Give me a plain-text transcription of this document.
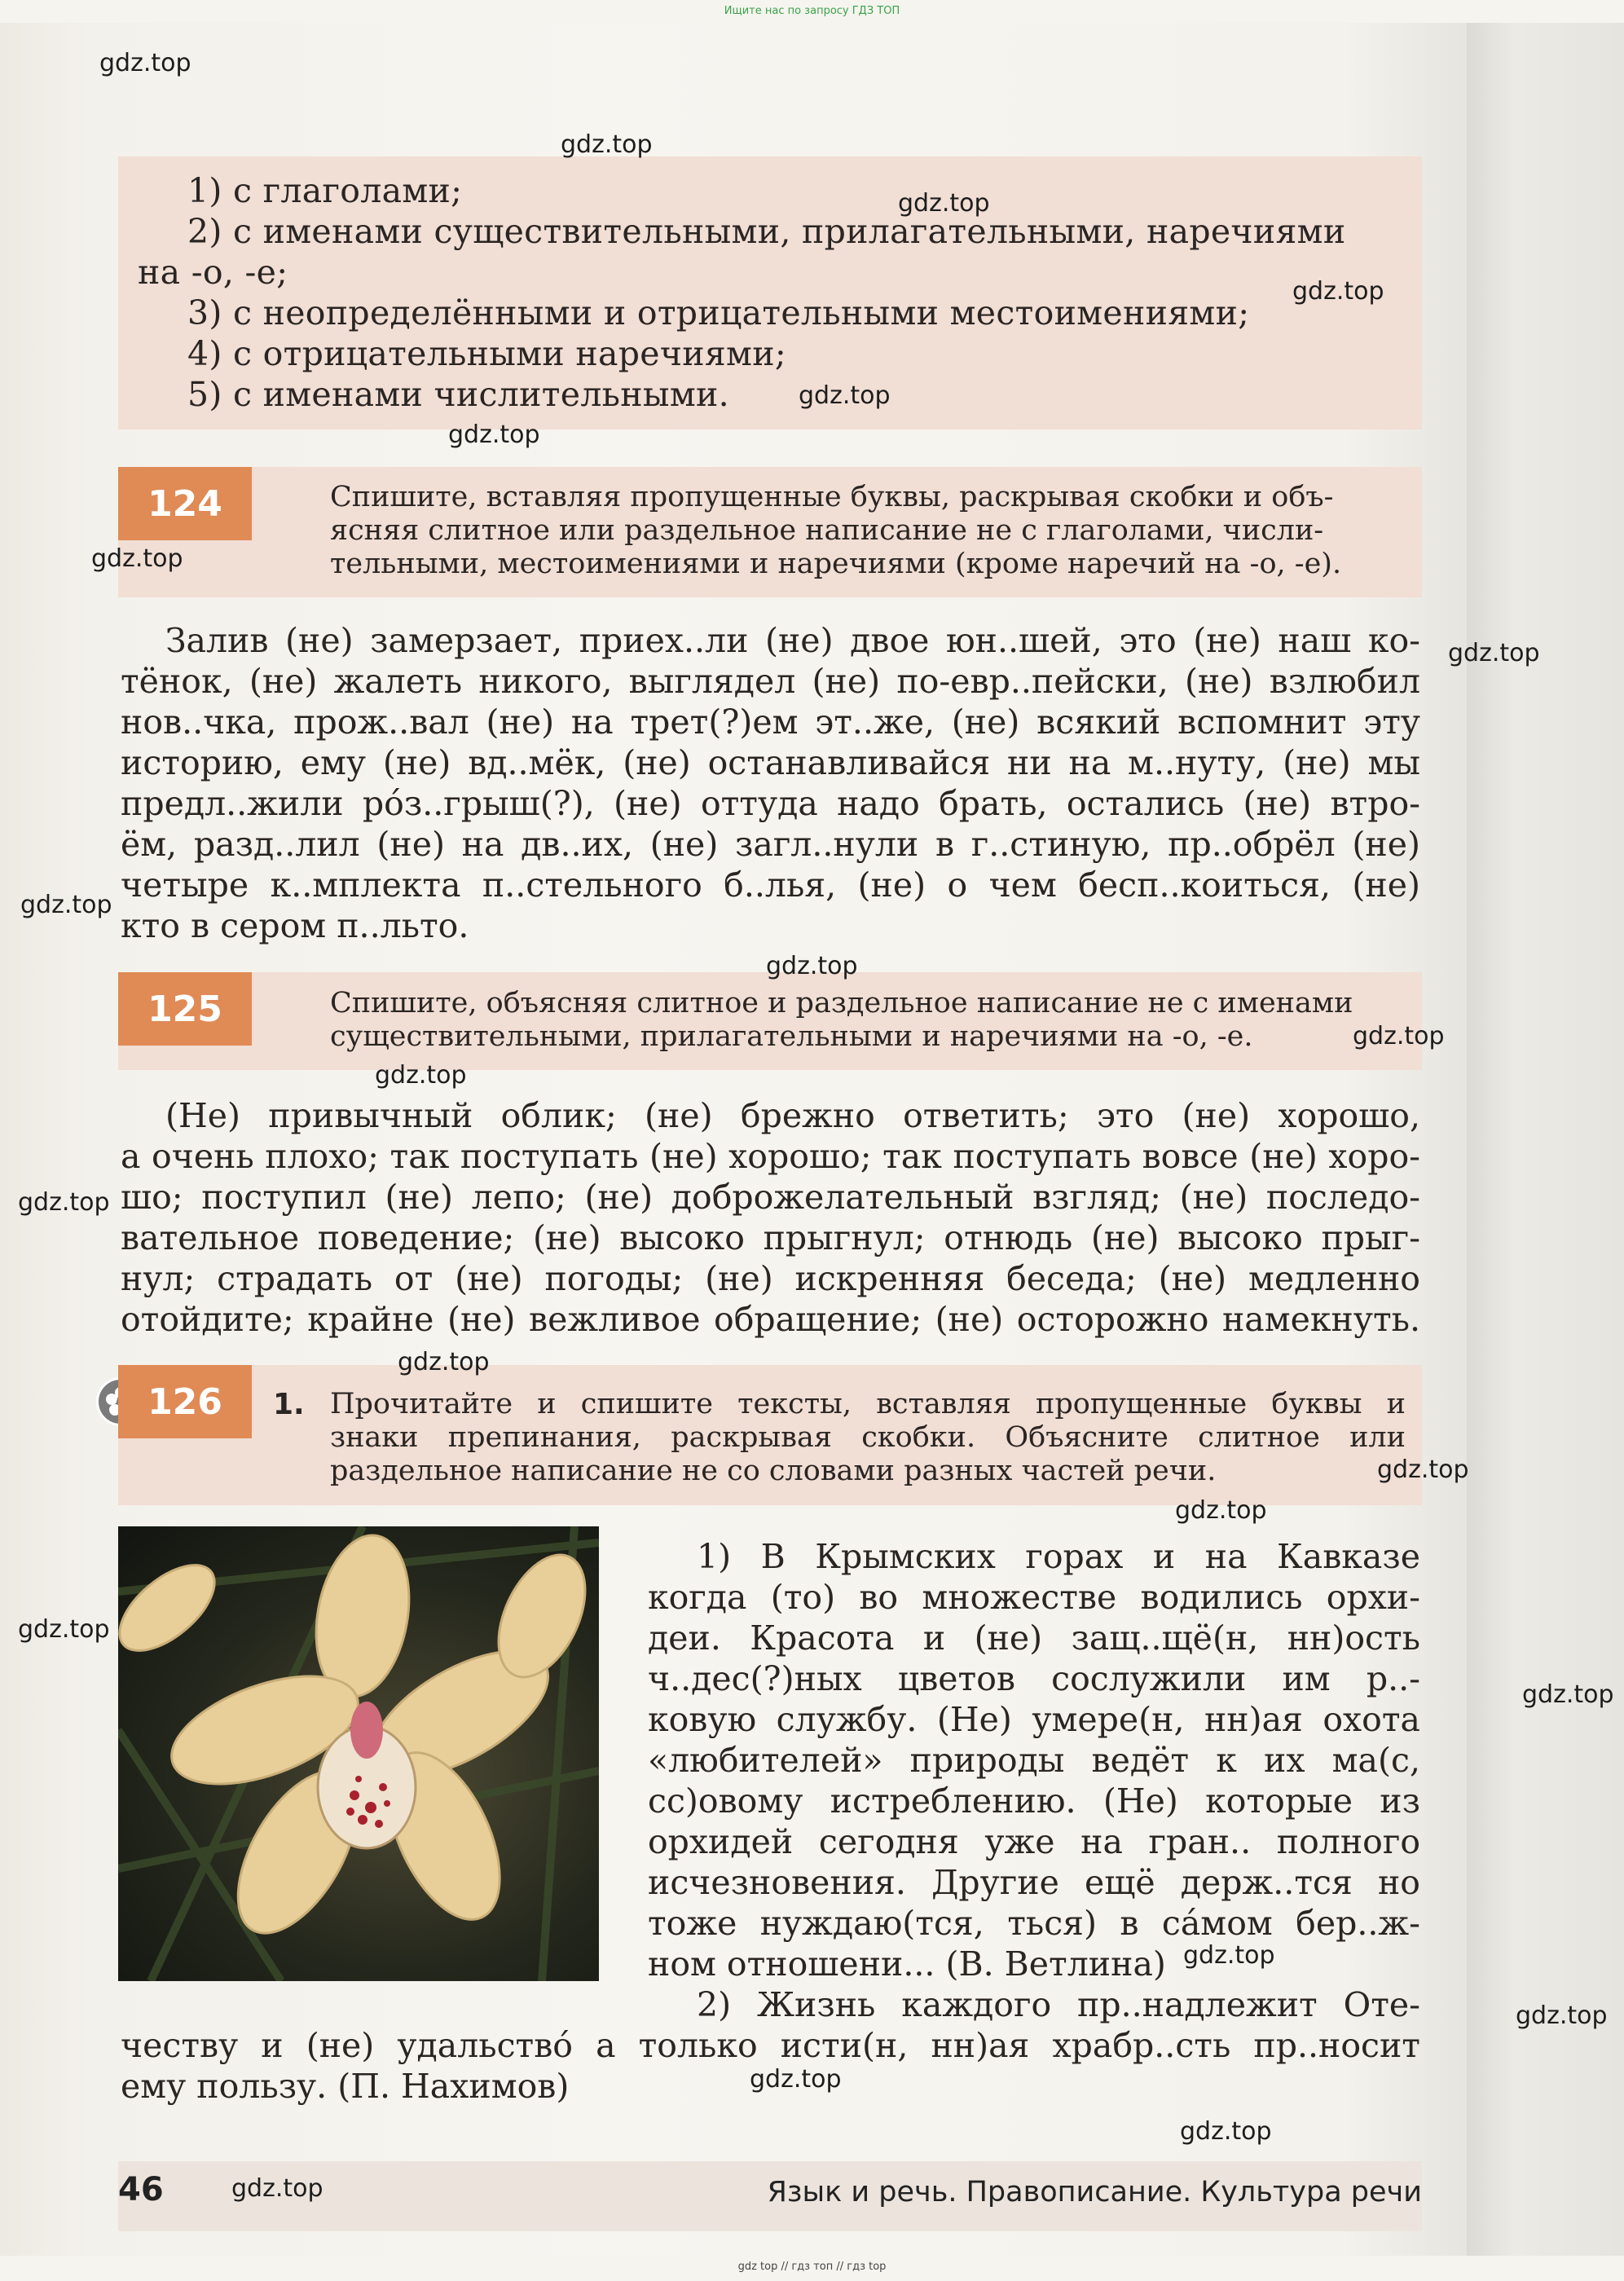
Ищите нас по запросу ГДЗ ТОП
1) с глаголами;
2) с именами существительными, прилагательными, наречиями
на -о, -е;
3) с неопределёнными и отрицательными местоимениями;
4) с отрицательными наречиями;
5) с именами числительными.
124	Спишите, вставляя пропущенные буквы, раскрывая скобки и объ-
ясняя слитное или раздельное написание не с глаголами, числи-
тельными, местоимениями и наречиями (кроме наречий на -о, -е).
Залив (не) замерзает, приех..ли (не) двое юн..шей, это (не) наш ко-
тёнок, (не) жалеть никого, выглядел (не) по-евр..пейски, (не) взлюбил
нов..чка, прож..вал (не) на трет(?)ем эт..же, (не) всякий вспомнит эту
историю, ему (не) вд..мёк, (не) останавливайся ни на м..нуту, (не) мы
предл..жили ро́з..грыш(?), (не) оттуда надо брать, остались (не) втро-
ём, разд..лил (не) на дв..их, (не) загл..нули в г..стиную, пр..обрёл (не)
четыре к..мплекта п..стельного б..лья, (не) о чем бесп..коиться, (не)
кто в сером п..льто.
125	Спишите, объясняя слитное и раздельное написание не с именами
существительными, прилагательными и наречиями на -о, -е.
(Не) привычный облик; (не) брежно ответить; это (не) хорошо,
а очень плохо; так поступать (не) хорошо; так поступать вовсе (не) хоро-
шо; поступил (не) лепо; (не) доброжелательный взгляд; (не) последо-
вательное поведение; (не) высоко прыгнул; отнюдь (не) высоко прыг-
нул; страдать от (не) погоды; (не) искренняя беседа; (не) медленно
отойдите; крайне (не) вежливое обращение; (не) осторожно намекнуть.
126	1. Прочитайте и спишите тексты, вставляя пропущенные буквы и
знаки препинания, раскрывая скобки. Объясните слитное или
раздельное написание не со словами разных частей речи.
1) В Крымских горах и на Кавказе
когда (то) во множестве водились орхи-
деи. Красота и (не) защ..щё(н, нн)ость
ч..дес(?)ных цветов сослужили им р..-
ковую службу. (Не) умере(н, нн)ая охота
«любителей» природы ведёт к их ма(с,
сс)овому истреблению. (Не) которые из
орхидей сегодня уже на гран.. полного
исчезновения. Другие ещё держ..тся но
тоже нуждаю(тся, ться) в са́мом бер..ж-
ном отношени... (В. Ветлина)
2) Жизнь каждого пр..надлежит Оте-
честву и (не) удальство́ а только исти(н, нн)ая храбр..сть пр..носит
ему пользу. (П. Нахимов)
46	Язык и речь. Правописание. Культура речи
gdz top // гдз топ // гдз top
gdz.top
gdz.top
gdz.top
gdz.top
gdz.top
gdz.top
gdz.top
gdz.top
gdz.top
gdz.top
gdz.top
gdz.top
gdz.top
gdz.top
gdz.top
gdz.top
gdz.top
gdz.top
gdz.top
gdz.top
gdz.top
gdz.top
gdz.top
